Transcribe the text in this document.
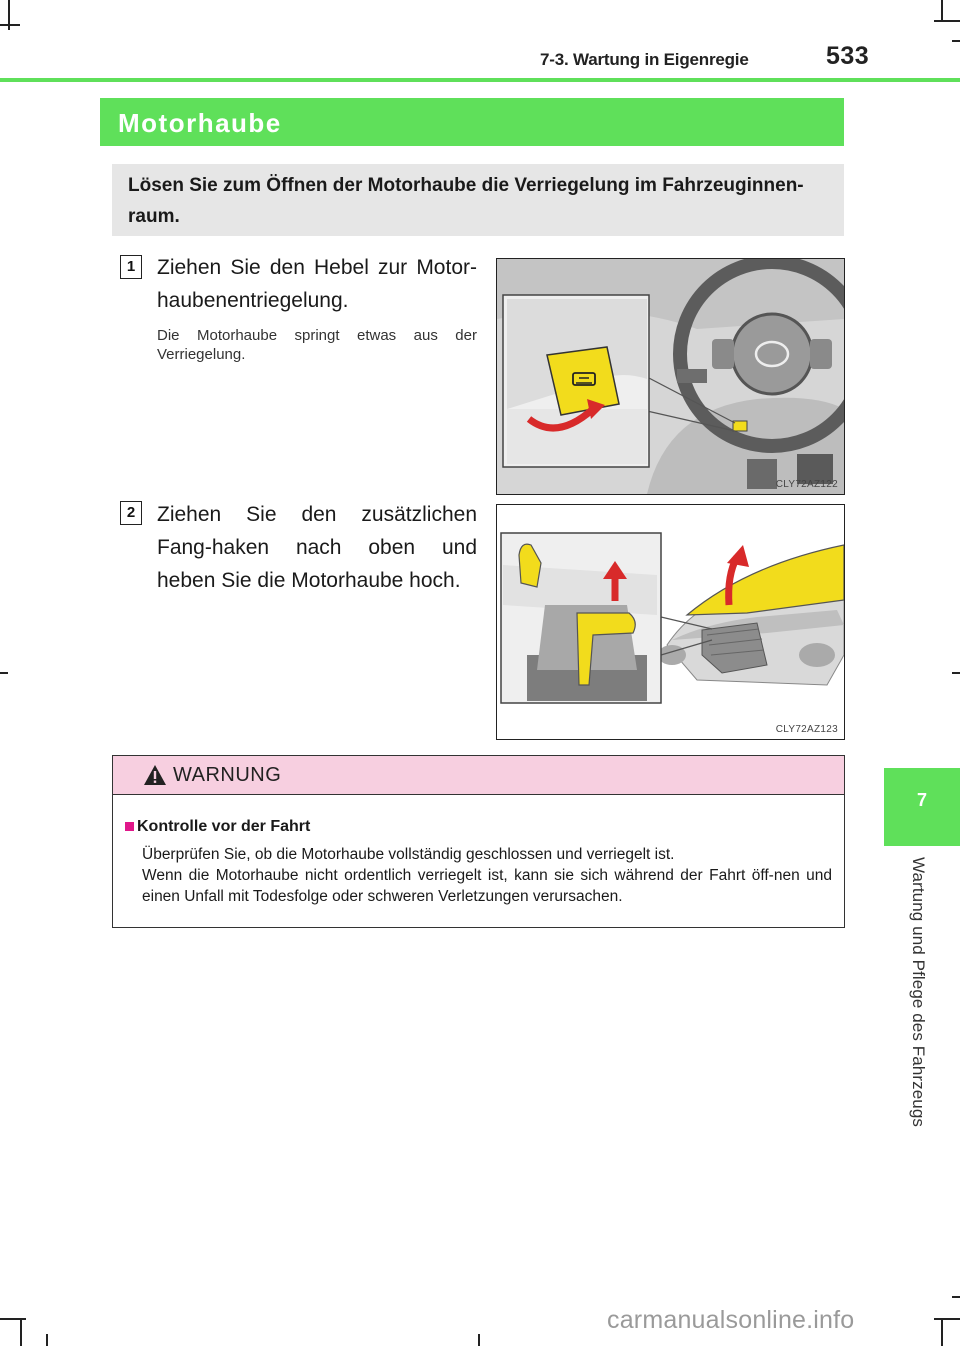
7-3. Wartung in Eigenregie	533
7
Wartung und Pflege des Fahrzeugs
Motorhaube
Lösen Sie zum Öffnen der Motorhaube die Verriegelung im Fahrzeuginnen-raum.
1	Ziehen Sie den Hebel zur Motor-haubenentriegelung.
Die Motorhaube springt etwas aus der Verriegelung.
CLY72AZ122
2	Ziehen Sie den zusätzlichen Fang-haken nach oben und heben Sie die Motorhaube hoch.
CLY72AZ123
WARNUNG
Kontrolle vor der Fahrt

Überprüfen Sie, ob die Motorhaube vollständig geschlossen und verriegelt ist.

Wenn die Motorhaube nicht ordentlich verriegelt ist, kann sie sich während der Fahrt öff-nen und einen Unfall mit Todesfolge oder schweren Verletzungen verursachen.

carmanualsonline.info
